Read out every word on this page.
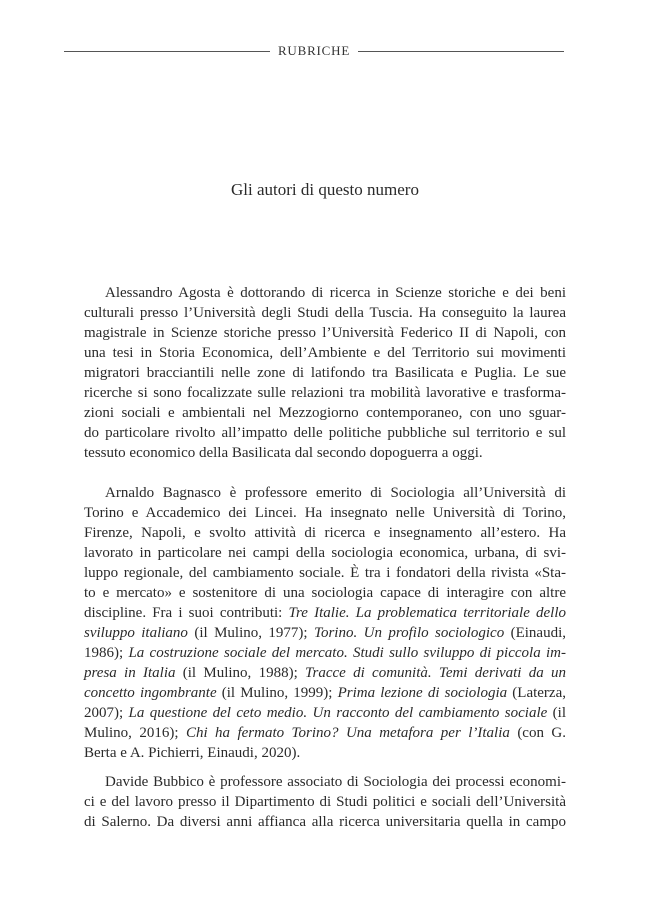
RUBRICHE
Gli autori di questo numero
Alessandro Agosta è dottorando di ricerca in Scienze storiche e dei beni
culturali presso l’Università degli Studi della Tuscia. Ha conseguito la laurea
magistrale in Scienze storiche presso l’Università Federico II di Napoli, con
una tesi in Storia Economica, dell’Ambiente e del Territorio sui movimenti
migratori bracciantili nelle zone di latifondo tra Basilicata e Puglia. Le sue
ricerche si sono focalizzate sulle relazioni tra mobilità lavorative e trasforma-
zioni sociali e ambientali nel Mezzogiorno contemporaneo, con uno sguar-
do particolare rivolto all’impatto delle politiche pubbliche sul territorio e sul
tessuto economico della Basilicata dal secondo dopoguerra a oggi.
Arnaldo Bagnasco è professore emerito di Sociologia all’Università di
Torino e Accademico dei Lincei. Ha insegnato nelle Università di Torino,
Firenze, Napoli, e svolto attività di ricerca e insegnamento all’estero. Ha
lavorato in particolare nei campi della sociologia economica, urbana, di svi-
luppo regionale, del cambiamento sociale. È tra i fondatori della rivista «Sta-
to e mercato» e sostenitore di una sociologia capace di interagire con altre
discipline. Fra i suoi contributi: Tre Italie. La problematica territoriale dello
sviluppo italiano (il Mulino, 1977); Torino. Un profilo sociologico (Einaudi,
1986); La costruzione sociale del mercato. Studi sullo sviluppo di piccola im-
presa in Italia (il Mulino, 1988); Tracce di comunità. Temi derivati da un
concetto ingombrante (il Mulino, 1999); Prima lezione di sociologia (Laterza,
2007); La questione del ceto medio. Un racconto del cambiamento sociale (il
Mulino, 2016); Chi ha fermato Torino? Una metafora per l’Italia (con G.
Berta e A. Pichierri, Einaudi, 2020).
Davide Bubbico è professore associato di Sociologia dei processi economi-
ci e del lavoro presso il Dipartimento di Studi politici e sociali dell’Università
di Salerno. Da diversi anni affianca alla ricerca universitaria quella in campo
